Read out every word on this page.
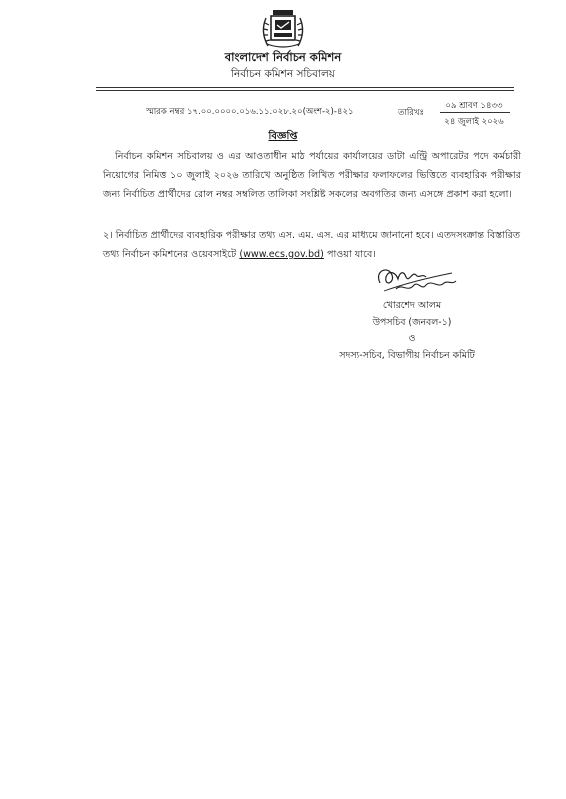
বাংলাদেশ নির্বাচন কমিশন
নির্বাচন কমিশন সচিবালয়
স্মারক নম্বর ১৭.০০.০০০০.০১৬.১১.০২৮.২০(অংশ-২)-৪২১	তারিখঃ
০৯ শ্রাবণ ১৪৩৩
২৪ জুলাই ২০২৬
বিজ্ঞপ্তি
নির্বাচন কমিশন সচিবালয় ও এর আওতাধীন মাঠ পর্যায়ের কার্যালয়ের ডাটা এন্ট্রি অপারেটর পদে কর্মচারী নিয়োগের নিমিত্ত ১০ জুলাই ২০২৬ তারিখে অনুষ্ঠিত লিখিত পরীক্ষার ফলাফলের ভিত্তিতে ব্যবহারিক পরীক্ষার জন্য নির্বাচিত প্রার্থীদের রোল নম্বর সম্বলিত তালিকা সংশ্লিষ্ট সকলের অবগতির জন্য এসঙ্গে প্রকাশ করা হলো।
২। নির্বাচিত প্রার্থীদের ব্যবহারিক পরীক্ষার তথ্য এস. এম. এস. এর মাধ্যমে জানানো হবে। এতদসংক্রান্ত বিস্তারিত তথ্য নির্বাচন কমিশনের ওয়েবসাইটে (www.ecs.gov.bd) পাওয়া যাবে।
খোরশেদ আলম
উপসচিব (জনবল-১)
ও
সদস্য-সচিব, বিভাগীয় নির্বাচন কমিটি
